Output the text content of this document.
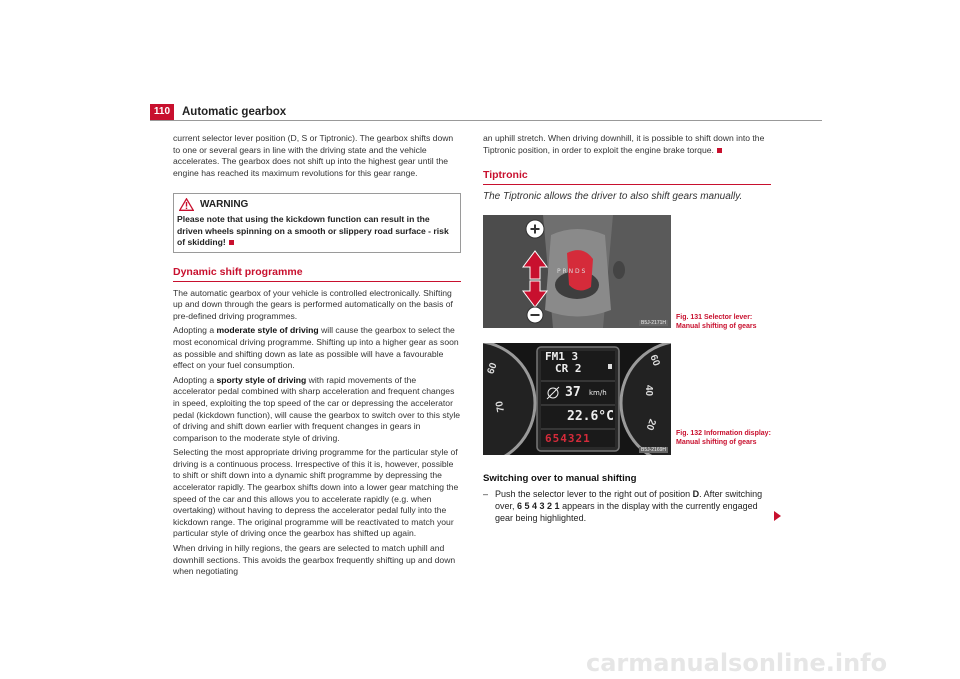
110	Automatic gearbox

current selector lever position (D, S or Tiptronic). The gearbox shifts down to one or several gears in line with the driving state and the vehicle accelerates. The gearbox does not shift up into the highest gear until the engine has reached its maximum revolutions for this gear range.

WARNING
Please note that using the kickdown function can result in the driven wheels spinning on a smooth or slippery road surface - risk of skidding!
Dynamic shift programme

The automatic gearbox of your vehicle is controlled electronically. Shifting up and down through the gears is performed automatically on the basis of pre-defined driving programmes.

Adopting a moderate style of driving will cause the gearbox to select the most economical driving programme. Shifting up into a higher gear as soon as possible and shifting down as late as possible will have a favourable effect on your fuel consumption.

Adopting a sporty style of driving with rapid movements of the accelerator pedal combined with sharp acceleration and frequent changes in speed, exploiting the top speed of the car or depressing the accelerator pedal (kickdown function), will cause the gearbox to switch over to this style of driving and shift down earlier with frequent changes in gears in comparison to the moderate style of driving.

Selecting the most appropriate driving programme for the particular style of driving is a continuous process. Irrespective of this it is, however, possible to shift or shift down into a dynamic shift programme by depressing the accelerator rapidly. The gearbox shifts down into a lower gear matching the speed of the car and this allows you to accelerate rapidly (e.g. when overtaking) without having to depress the accelerator pedal fully into the kickdown range. The original programme will be reactivated to match your particular style of driving once the gearbox has shifted up again.

When driving in hilly regions, the gears are selected to match uphill and downhill sections. This avoids the gearbox frequently shifting up and down when negotiating

an uphill stretch. When driving downhill, it is possible to shift down into the Tiptronic position, in order to exploit the engine brake torque.

Tiptronic
The Tiptronic allows the driver to also shift gears manually.
P R N D S
B5J-2171H
Fig. 131 Selector lever: Manual shifting of gears
FM1 3
CR 2
37 km/h
22.6°C
654321
60
70
60
40
20
B5J-2169H
Fig. 132 Information display: Manual shifting of gears
Switching over to manual shifting
– Push the selector lever to the right out of position D. After switching over, 6 5 4 3 2 1 appears in the display with the currently engaged gear being highlighted.
carmanualsonline.info
